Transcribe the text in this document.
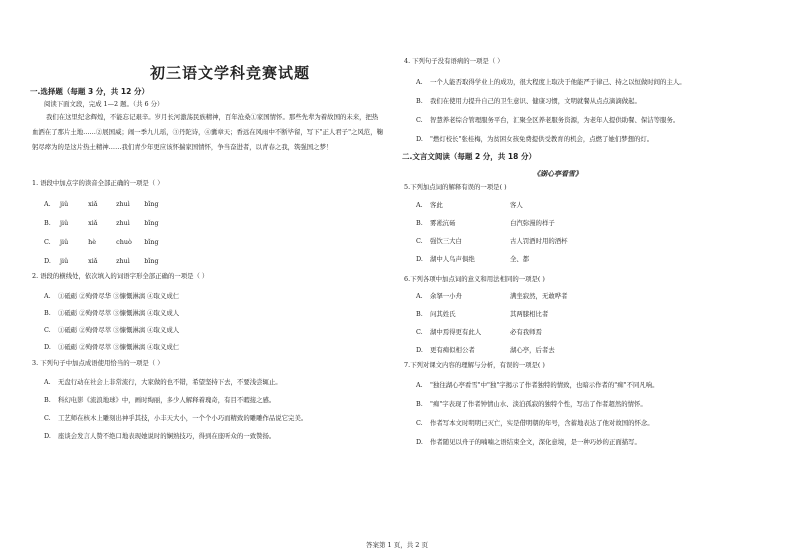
初三语文学科竞赛试题
一.选择题（每题 3 分，共 12 分）
阅读下面文段，完成 1—2 题。（共 6 分）
我们在这里纪念辉煌，不能忘记艰辛。岁月长河激荡民族精神，百年沧桑①家国情怀。那些先辈为着故国的未来，把热血洒在了那片土地……②展国威；闹一季九儿瑶，③丹陀诗，④囊章天；香远在风雨中不断毕留，写下"正人君子"之风范，鞠躬尽瘁为的是这片热土精神……我们青少年更应该怀揣家国情怀，争当奋进者，以青春之我，筑强国之梦！
1. 语段中加点字的读音全部正确的一项是（ ）
A. jiǔ	xiǎ	zhuì bǐng
B. jiǔ	xiǎ	zhuì bǐng
C. jiǔ	hè	chuò bǐng
D. jiǔ	xiǎ	zhuì bǐng
2. 语段的横线处，依次填入的词语字形全部正确的一项是（ ）
A. ①砥砺 ②殉骨尽华 ③慷慨淋漓 ④取义成仁
B. ①砥砺 ②殉骨尽萃 ③慷慨淋漓 ④取义成人
C. ①砥砺 ②殉骨尽萃 ③慷慨淋漓 ④取义成人
D. ①砥砺 ②殉骨尽萃 ③慷慨淋漓 ④取义成仁
3. 下列句子中加点成语使用恰当的一项是（ ）
A. 无盘行动在社会上非常流行，大家做的也不错，希望坚持下去，不要浅尝辄止。
B. 科幻电影《流浪地球》中，画时绚丽，多少人解释着瑰奇，有目不暇接之感。
C. 工艺师在核木上雕刻出神乎其技，小丰天大小，一个个小巧而精致的雕雕作品说它完美。
D. 座谈会发言人赞不绝口地表现她说时的娴熟技巧，得到在座听众的一致赞扬。
4. 下列句子没有语病的一项是（ ）
A. 一个人能否取得学业上的成功，很大程度上取决于他能严于律己、持之以恒做时间的主人。
B. 我们在使用力提升自己的卫生意识、健康习惯，文明就餐从点点滴滴做起。
C. 智慧养老综合管理服务平台，汇聚全区养老服务资源，为老年人提供助餐、保洁等服务。
D. "燃灯校长"张桂梅，为贫困女孩免费提供受教育的机会，点燃了她们梦想的灯。
二.文言文阅读（每题 2 分，共 18 分）
《湖心亭看雪》
5.下列加点词的解释有误的一项是( )
A. 客此	客人
B. 雾凇沆砀	白汽弥漫的样子
C. 强饮三大白	古人罚酒时用的酒杯
D. 湖中人鸟声俱绝	全、都
6.下列各项中加点词的意义和用法相同的一项是( )
A. 余拏一小舟	满坐寂然，无敢哗者
B. 问其姓氏	其两膝相比者
C. 湖中焉得更有此人	必有我师焉
D. 更有痴似相公者	湖心亭，后者去
7.下列对课文内容的理解与分析，有误的一项是( )
A. "独往湖心亭看雪"中"独"字揭示了作者独特的情致，也暗示作者的"痴"不同凡响。
B. "痴"字表现了作者钟情山水、淡泊孤寂的独特个性，写出了作者超然的情怀。
C. 作者写本文时明明已灭亡，实是借明朝的年号，含蓄地表达了他对故国的怀念。
D. 作者随见以舟子的喃喃之语结束全文，深化意境，是一种巧妙的正面描写。
答案第 1 页，共 2 页
